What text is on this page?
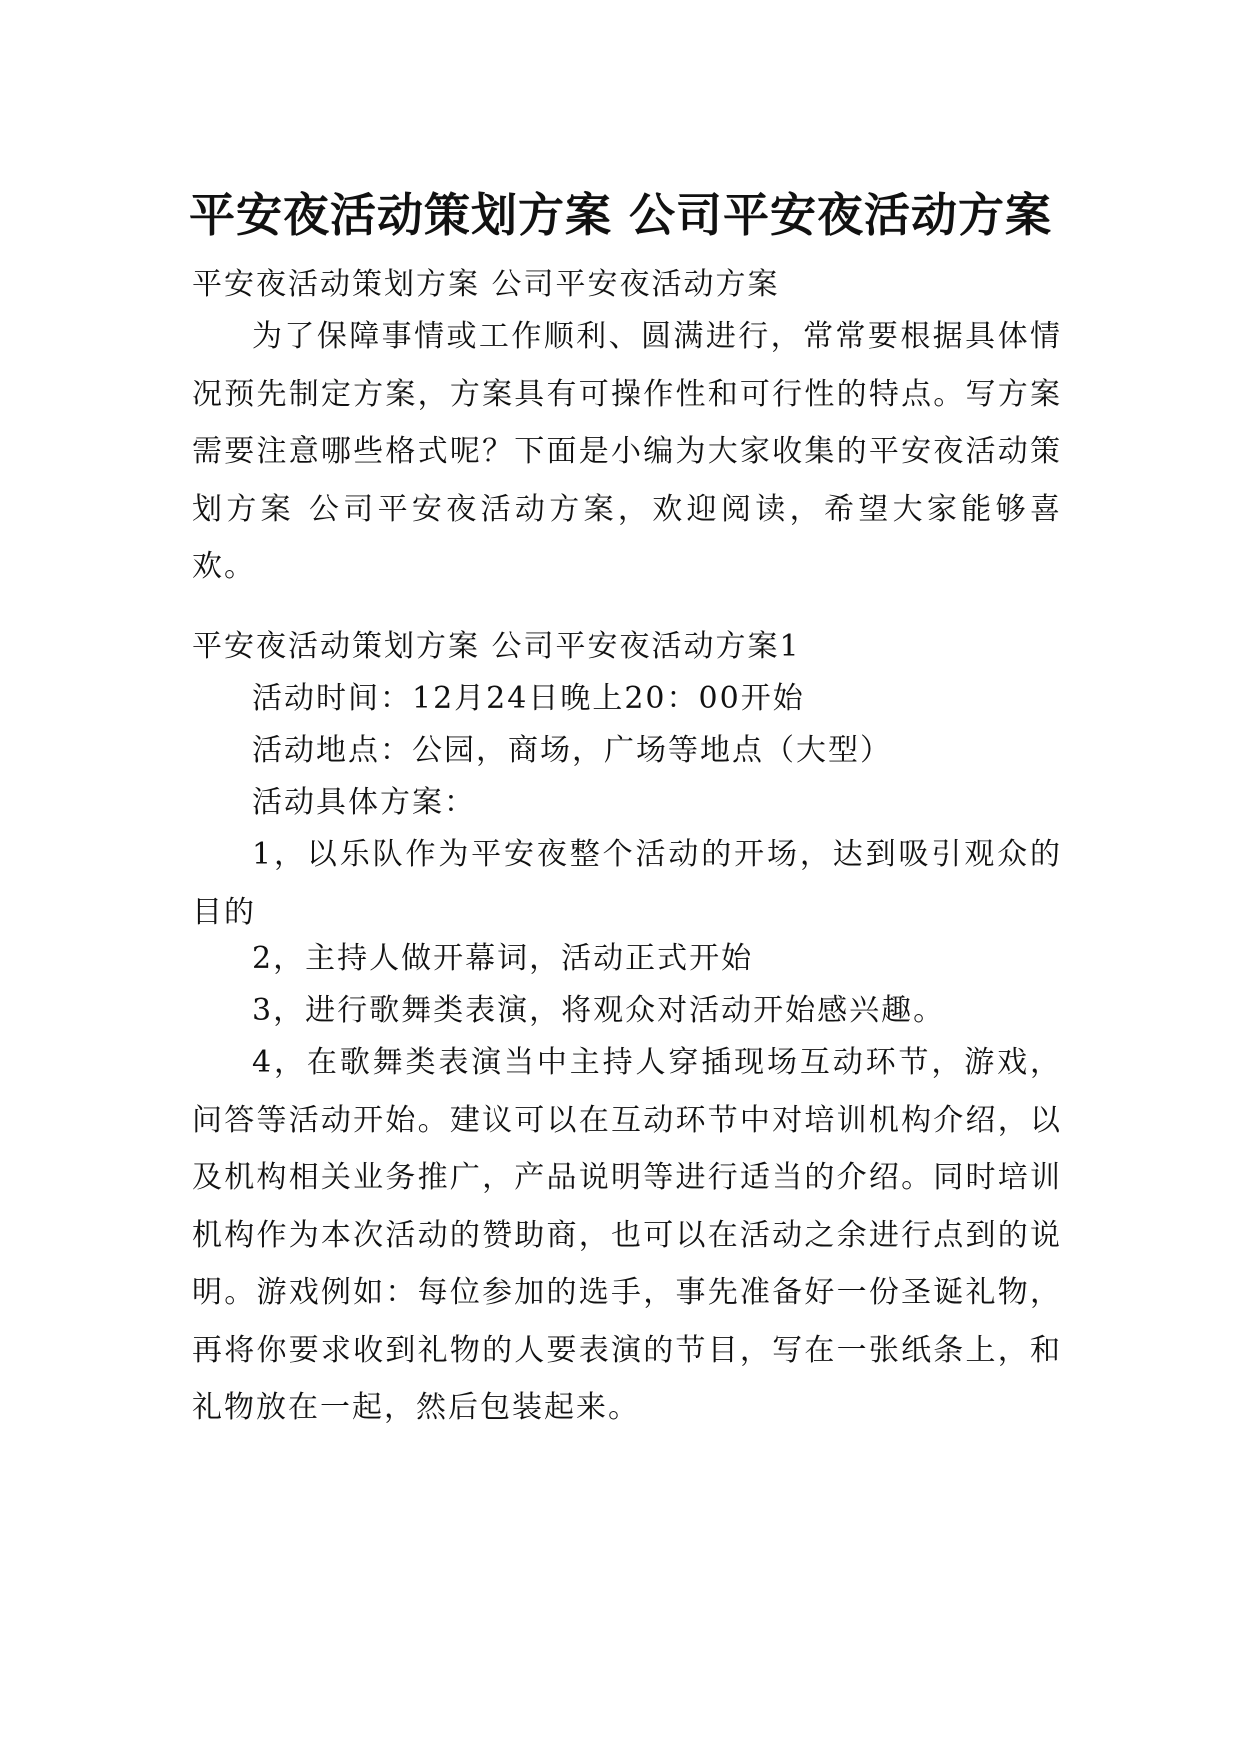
平安夜活动策划方案 公司平安夜活动方案

平安夜活动策划方案 公司平安夜活动方案

为了保障事情或工作顺利、圆满进行，常常要根据具体情况预先制定方案，方案具有可操作性和可行性的特点。写方案需要注意哪些格式呢？下面是小编为大家收集的平安夜活动策划方案 公司平安夜活动方案，欢迎阅读，希望大家能够喜欢。

平安夜活动策划方案 公司平安夜活动方案1

活动时间：12月24日晚上20：00开始

活动地点：公园，商场，广场等地点（大型）

活动具体方案：

1，以乐队作为平安夜整个活动的开场，达到吸引观众的目的

2，主持人做开幕词，活动正式开始

3，进行歌舞类表演，将观众对活动开始感兴趣。

4，在歌舞类表演当中主持人穿插现场互动环节，游戏，问答等活动开始。建议可以在互动环节中对培训机构介绍，以及机构相关业务推广，产品说明等进行适当的介绍。同时培训机构作为本次活动的赞助商，也可以在活动之余进行点到的说明。游戏例如：每位参加的选手，事先准备好一份圣诞礼物，再将你要求收到礼物的人要表演的节目，写在一张纸条上，和礼物放在一起，然后包装起来。
